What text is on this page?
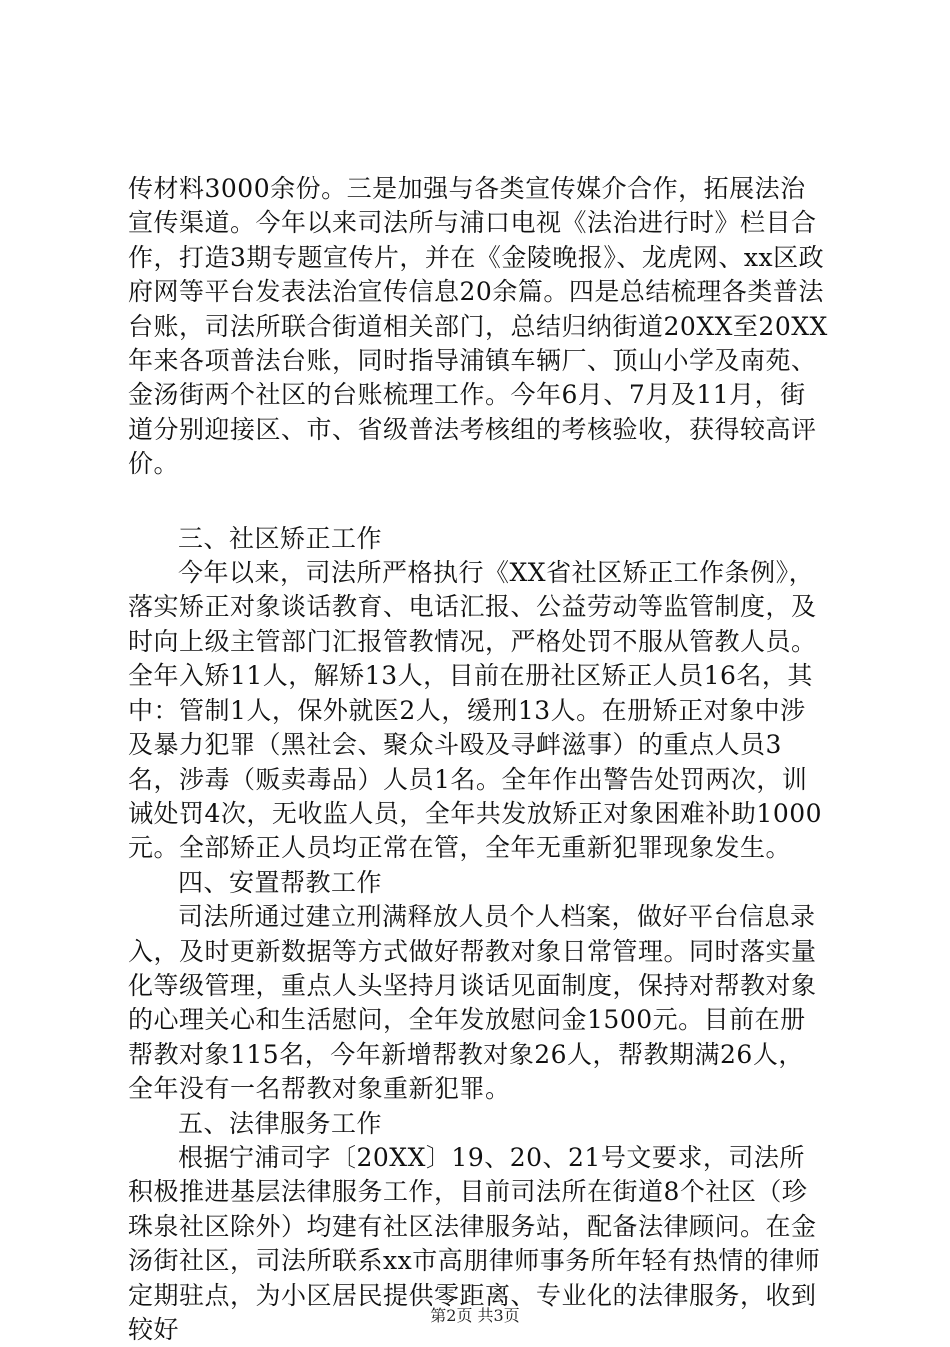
传材料3000余份。三是加强与各类宣传媒介合作，拓展法治宣传渠道。今年以来司法所与浦口电视《法治进行时》栏目合作，打造3期专题宣传片，并在《金陵晚报》、龙虎网、xx区政府网等平台发表法治宣传信息20余篇。四是总结梳理各类普法台账，司法所联合街道相关部门，总结归纳街道20XX至20XX年来各项普法台账，同时指导浦镇车辆厂、顶山小学及南苑、金汤街两个社区的台账梳理工作。今年6月、7月及11月，街道分别迎接区、市、省级普法考核组的考核验收，获得较高评价。

三、社区矫正工作

今年以来，司法所严格执行《XX省社区矫正工作条例》，落实矫正对象谈话教育、电话汇报、公益劳动等监管制度，及时向上级主管部门汇报管教情况，严格处罚不服从管教人员。全年入矫11人，解矫13人，目前在册社区矫正人员16名，其中：管制1人，保外就医2人，缓刑13人。在册矫正对象中涉及暴力犯罪（黑社会、聚众斗殴及寻衅滋事）的重点人员3名，涉毒（贩卖毒品）人员1名。全年作出警告处罚两次，训诫处罚4次，无收监人员，全年共发放矫正对象困难补助1000元。全部矫正人员均正常在管，全年无重新犯罪现象发生。

四、安置帮教工作

司法所通过建立刑满释放人员个人档案，做好平台信息录入，及时更新数据等方式做好帮教对象日常管理。同时落实量化等级管理，重点人头坚持月谈话见面制度，保持对帮教对象的心理关心和生活慰问，全年发放慰问金1500元。目前在册帮教对象115名，今年新增帮教对象26人，帮教期满26人，全年没有一名帮教对象重新犯罪。

五、法律服务工作

根据宁浦司字〔20XX〕19、20、21号文要求，司法所积极推进基层法律服务工作，目前司法所在街道8个社区（珍珠泉社区除外）均建有社区法律服务站，配备法律顾问。在金汤街社区，司法所联系xx市高朋律师事务所年轻有热情的律师定期驻点，为小区居民提供零距离、专业化的法律服务，收到较好	第2页 共3页
